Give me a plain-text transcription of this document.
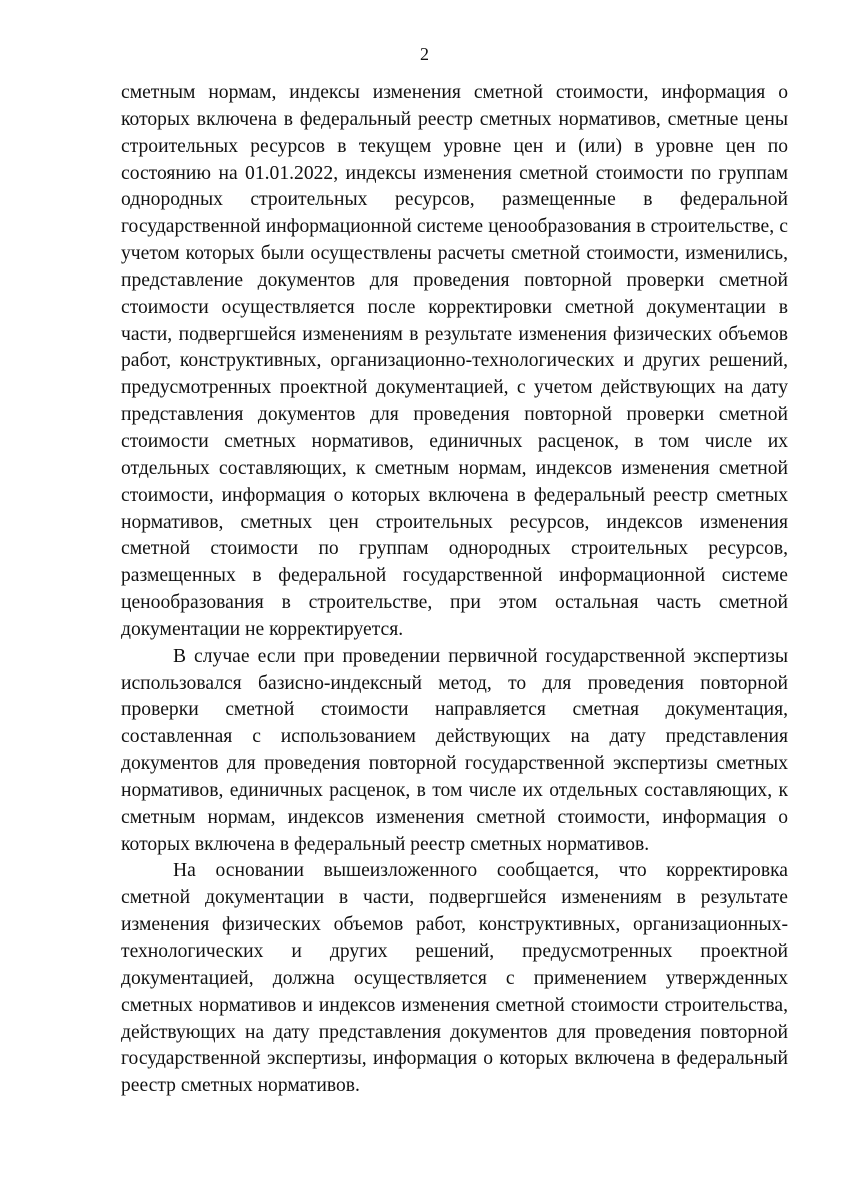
2

сметным нормам, индексы изменения сметной стоимости, информация о которых включена в федеральный реестр сметных нормативов, сметные цены строительных ресурсов в текущем уровне цен и (или) в уровне цен по состоянию на 01.01.2022, индексы изменения сметной стоимости по группам однородных строительных ресурсов, размещенные в федеральной государственной информационной системе ценообразования в строительстве, с учетом которых были осуществлены расчеты сметной стоимости, изменились, представление документов для проведения повторной проверки сметной стоимости осуществляется после корректировки сметной документации в части, подвергшейся изменениям в результате изменения физических объемов работ, конструктивных, организационно-технологических и других решений, предусмотренных проектной документацией, с учетом действующих на дату представления документов для проведения повторной проверки сметной стоимости сметных нормативов, единичных расценок, в том числе их отдельных составляющих, к сметным нормам, индексов изменения сметной стоимости, информация о которых включена в федеральный реестр сметных нормативов, сметных цен строительных ресурсов, индексов изменения сметной стоимости по группам однородных строительных ресурсов, размещенных в федеральной государственной информационной системе ценообразования в строительстве, при этом остальная часть сметной документации не корректируется.

В случае если при проведении первичной государственной экспертизы использовался базисно-индексный метод, то для проведения повторной проверки сметной стоимости направляется сметная документация, составленная с использованием действующих на дату представления документов для проведения повторной государственной экспертизы сметных нормативов, единичных расценок, в том числе их отдельных составляющих, к сметным нормам, индексов изменения сметной стоимости, информация о которых включена в федеральный реестр сметных нормативов.

На основании вышеизложенного сообщается, что корректировка сметной документации в части, подвергшейся изменениям в результате изменения физических объемов работ, конструктивных, организационных-технологических и других решений, предусмотренных проектной документацией, должна осуществляется с применением утвержденных сметных нормативов и индексов изменения сметной стоимости строительства, действующих на дату представления документов для проведения повторной государственной экспертизы, информация о которых включена в федеральный реестр сметных нормативов.
